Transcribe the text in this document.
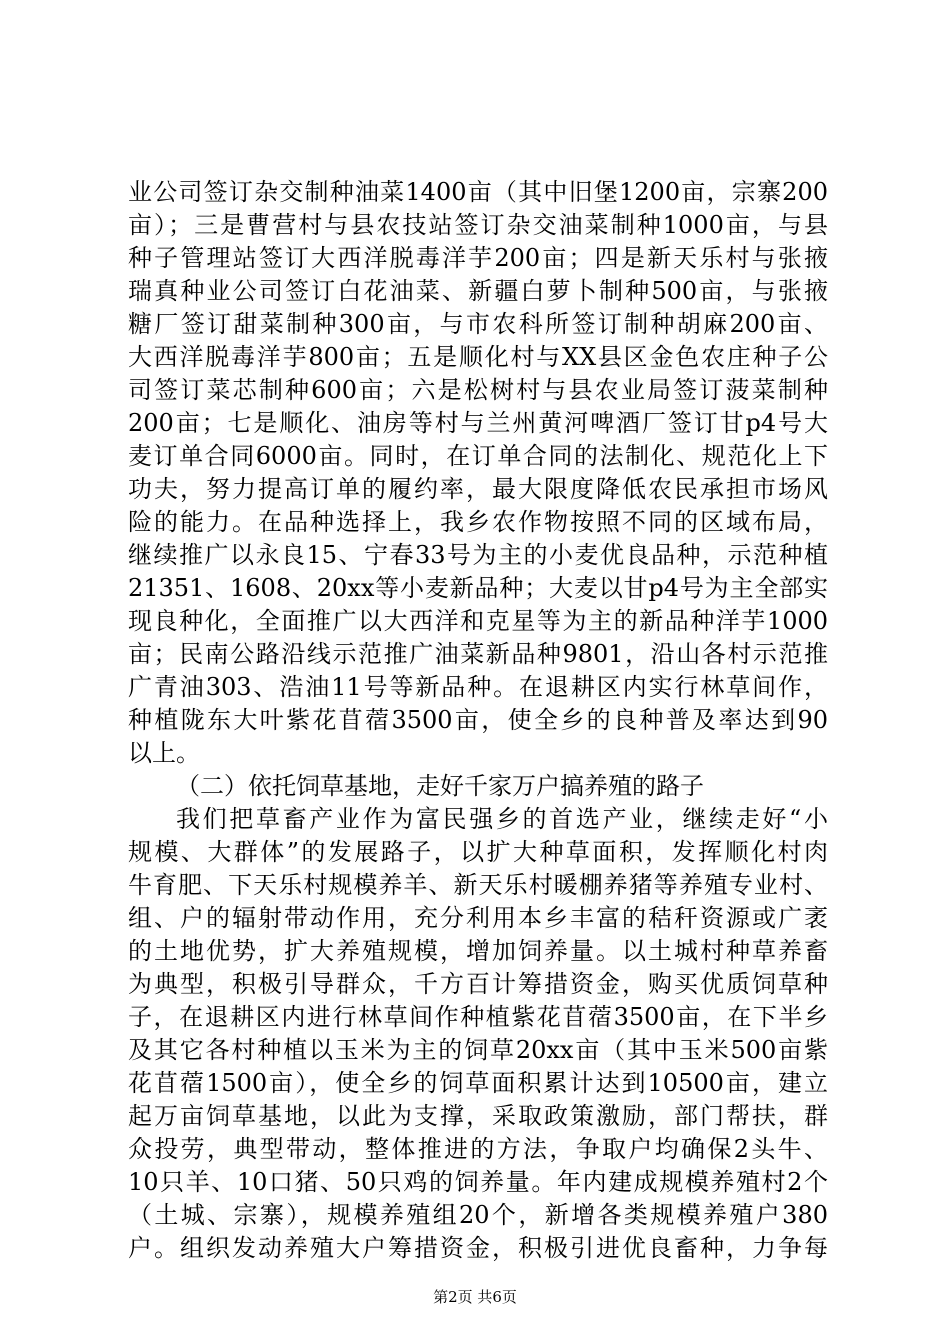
业公司签订杂交制种油菜1400亩（其中旧堡1200亩，宗寨200
亩）；三是曹营村与县农技站签订杂交油菜制种1000亩，与县
种子管理站签订大西洋脱毒洋芋200亩；四是新天乐村与张掖
瑞真种业公司签订白花油菜、新疆白萝卜制种500亩，与张掖
糖厂签订甜菜制种300亩，与市农科所签订制种胡麻200亩、
大西洋脱毒洋芋800亩；五是顺化村与XX县区金色农庄种子公
司签订菜芯制种600亩；六是松树村与县农业局签订菠菜制种
200亩；七是顺化、油房等村与兰州黄河啤酒厂签订甘p4号大
麦订单合同6000亩。同时，在订单合同的法制化、规范化上下
功夫，努力提高订单的履约率，最大限度降低农民承担市场风
险的能力。在品种选择上，我乡农作物按照不同的区域布局，
继续推广以永良15、宁春33号为主的小麦优良品种，示范种植
21351、1608、20xx等小麦新品种；大麦以甘p4号为主全部实
现良种化，全面推广以大西洋和克星等为主的新品种洋芋1000
亩；民南公路沿线示范推广油菜新品种9801，沿山各村示范推
广青油303、浩油11号等新品种。在退耕区内实行林草间作，
种植陇东大叶紫花苜蓿3500亩，使全乡的良种普及率达到90
以上。
（二）依托饲草基地，走好千家万户搞养殖的路子
我们把草畜产业作为富民强乡的首选产业，继续走好“小
规模、大群体”的发展路子，以扩大种草面积，发挥顺化村肉
牛育肥、下天乐村规模养羊、新天乐村暖棚养猪等养殖专业村、
组、户的辐射带动作用，充分利用本乡丰富的秸秆资源或广袤
的土地优势，扩大养殖规模，增加饲养量。以土城村种草养畜
为典型，积极引导群众，千方百计筹措资金，购买优质饲草种
子，在退耕区内进行林草间作种植紫花苜蓿3500亩，在下半乡
及其它各村种植以玉米为主的饲草20xx亩（其中玉米500亩紫
花苜蓿1500亩），使全乡的饲草面积累计达到10500亩，建立
起万亩饲草基地，以此为支撑，采取政策激励，部门帮扶，群
众投劳，典型带动，整体推进的方法，争取户均确保2头牛、
10只羊、10口猪、50只鸡的饲养量。年内建成规模养殖村2个
（土城、宗寨），规模养殖组20个，新增各类规模养殖户380
户。组织发动养殖大户筹措资金，积极引进优良畜种，力争每
第2页 共6页
